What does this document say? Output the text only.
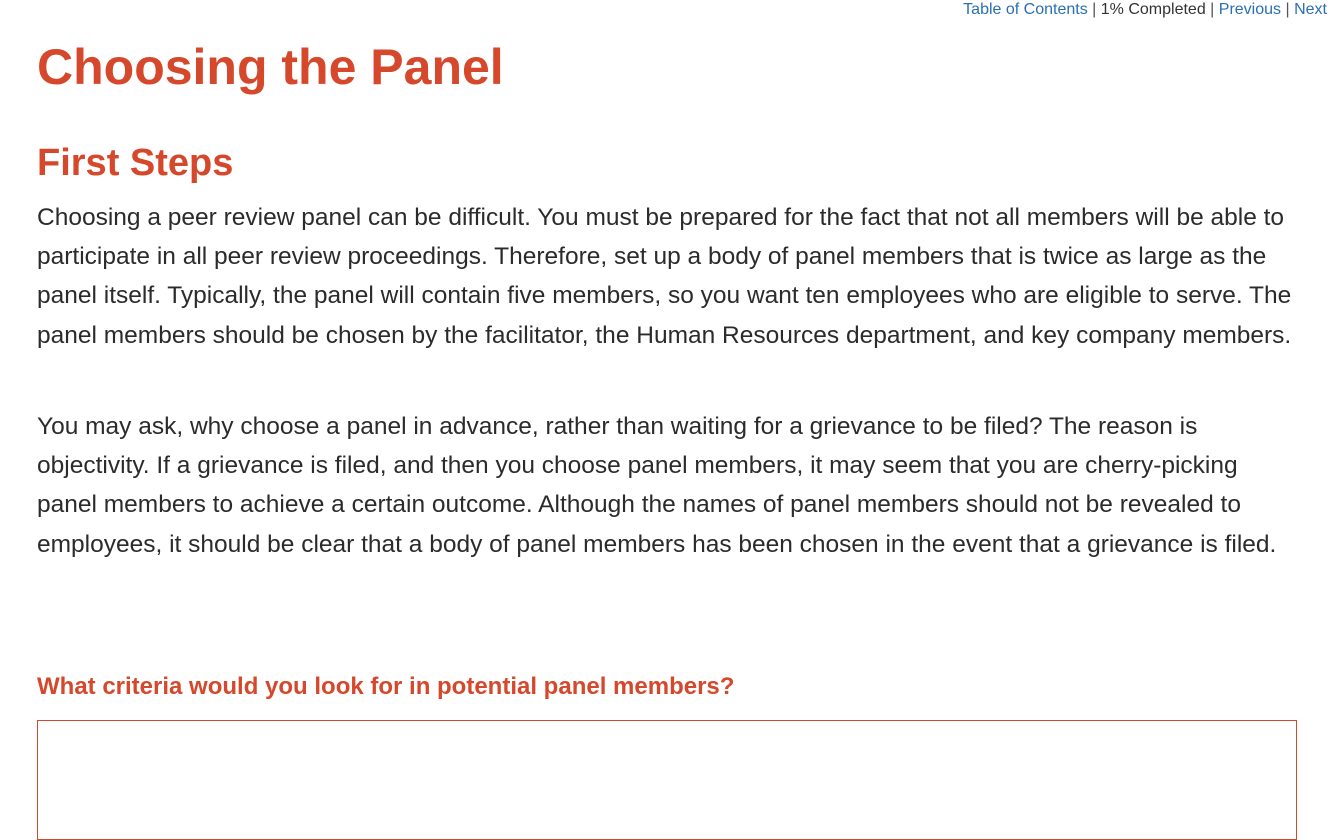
Table of Contents | 1% Completed | Previous | Next
Choosing the Panel
First Steps

Choosing a peer review panel can be difficult. You must be prepared for the fact that not all members will be able to participate in all peer review proceedings. Therefore, set up a body of panel members that is twice as large as the panel itself. Typically, the panel will contain five members, so you want ten employees who are eligible to serve. The panel members should be chosen by the facilitator, the Human Resources department, and key company members.

You may ask, why choose a panel in advance, rather than waiting for a grievance to be filed? The reason is objectivity. If a grievance is filed, and then you choose panel members, it may seem that you are cherry-picking panel members to achieve a certain outcome. Although the names of panel members should not be revealed to employees, it should be clear that a body of panel members has been chosen in the event that a grievance is filed.

What criteria would you look for in potential panel members?
